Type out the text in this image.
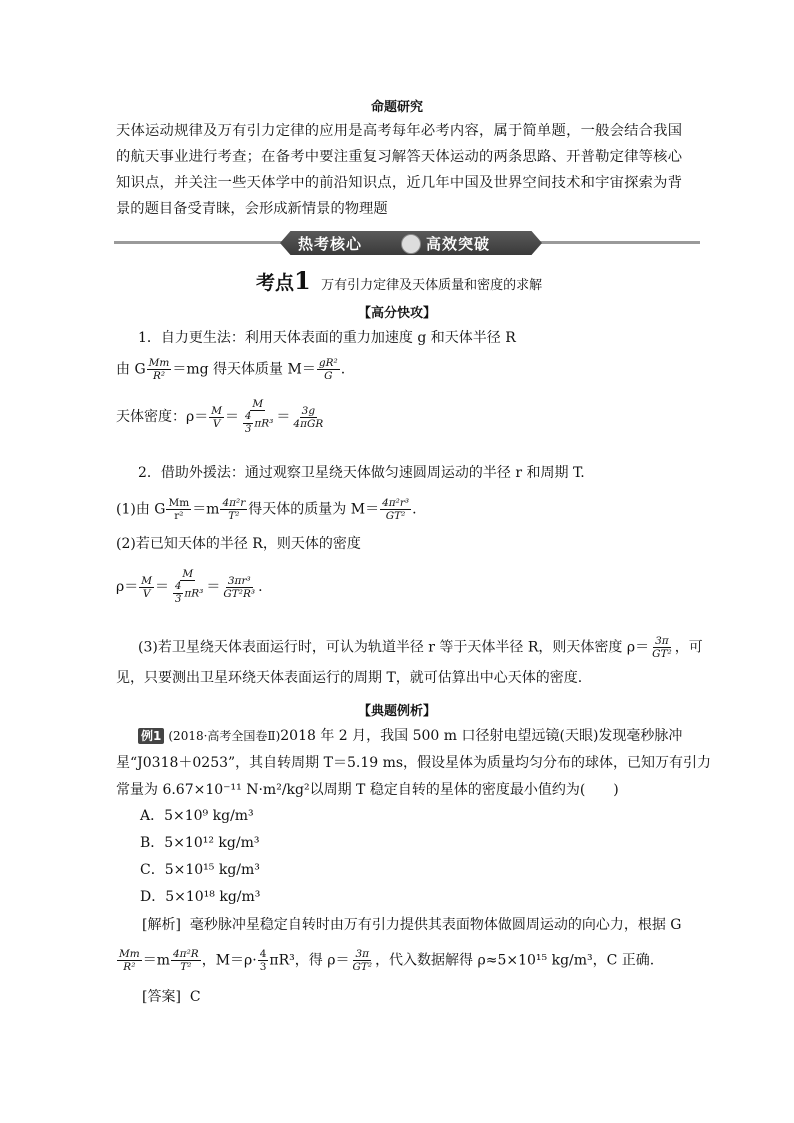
命题研究
天体运动规律及万有引力定律的应用是高考每年必考内容，属于简单题，一般会结合我国的航天事业进行考查；在备考中要注重复习解答天体运动的两条思路、开普勒定律等核心知识点，并关注一些天体学中的前沿知识点，近几年中国及世界空间技术和宇宙探索为背景的题目备受青睐，会形成新情景的物理题
热考核心	高效突破
考点1 万有引力定律及天体质量和密度的求解
【高分快攻】
1．自力更生法：利用天体表面的重力加速度 g 和天体半径 R
由 G $\frac{Mm}{\text{R²}} =mg$ 得天体质量 $M= \frac{\text{gR²}}{G}$ .
天体密度：$\rho= \frac{M}{V} = \frac{M}{\frac{4}{3} \pi R^3} = \frac{3g}{\text{4πGR}}$
2．借助外援法：通过观察卫星绕天体做匀速圆周运动的半径 r 和周期 T.
(1)由 G $\frac{Mm}{\text{r²}} =m \frac{\text{4π²r}}{\text{T²}}$ 得天体的质量为 $M= \frac{\text{4π²r³}}{\text{GT²}}$ .
(2)若已知天体的半径 R，则天体的密度
$\rho= \frac{M}{V} = \frac{M}{\frac{4}{3} \pi R^3} = \frac{\text{3πr³}}{\text{GT²R³}}$ .
(3)若卫星绕天体表面运行时，可认为轨道半径 r 等于天体半径 R，则天体密度 $\rho= \frac{3\pi}{\text{GT²}}$ ，可
见，只要测出卫星环绕天体表面运行的周期 T，就可估算出中心天体的密度.
【典题例析】
例1 (2018·高考全国卷Ⅱ)2018 年 2 月，我国 500 m 口径射电望远镜(天眼)发现毫秒脉冲
星“J0318＋0253”，其自转周期 T＝5.19 ms，假设星体为质量均匀分布的球体，已知万有引力
常量为 6.67×10⁻¹¹ N·m²/kg²以周期 T 稳定自转的星体的密度最小值约为(　　)
A．5×10⁹ kg/m³
B．5×10¹² kg/m³
C．5×10¹⁵ kg/m³
D．5×10¹⁸ kg/m³
[解析] 毫秒脉冲星稳定自转时由万有引力提供其表面物体做圆周运动的向心力，根据 G
$\frac{Mm}{\text{R²}} =m \frac{\text{4π²R}}{\text{T²}}$ ，$M=\rho\cdot \frac{4}{3} \pi R^3$，得 $\rho= \frac{3\pi}{\text{GT²}}$ ，代入数据解得 ρ≈5×10¹⁵ kg/m³，C 正确.
[答案] C
